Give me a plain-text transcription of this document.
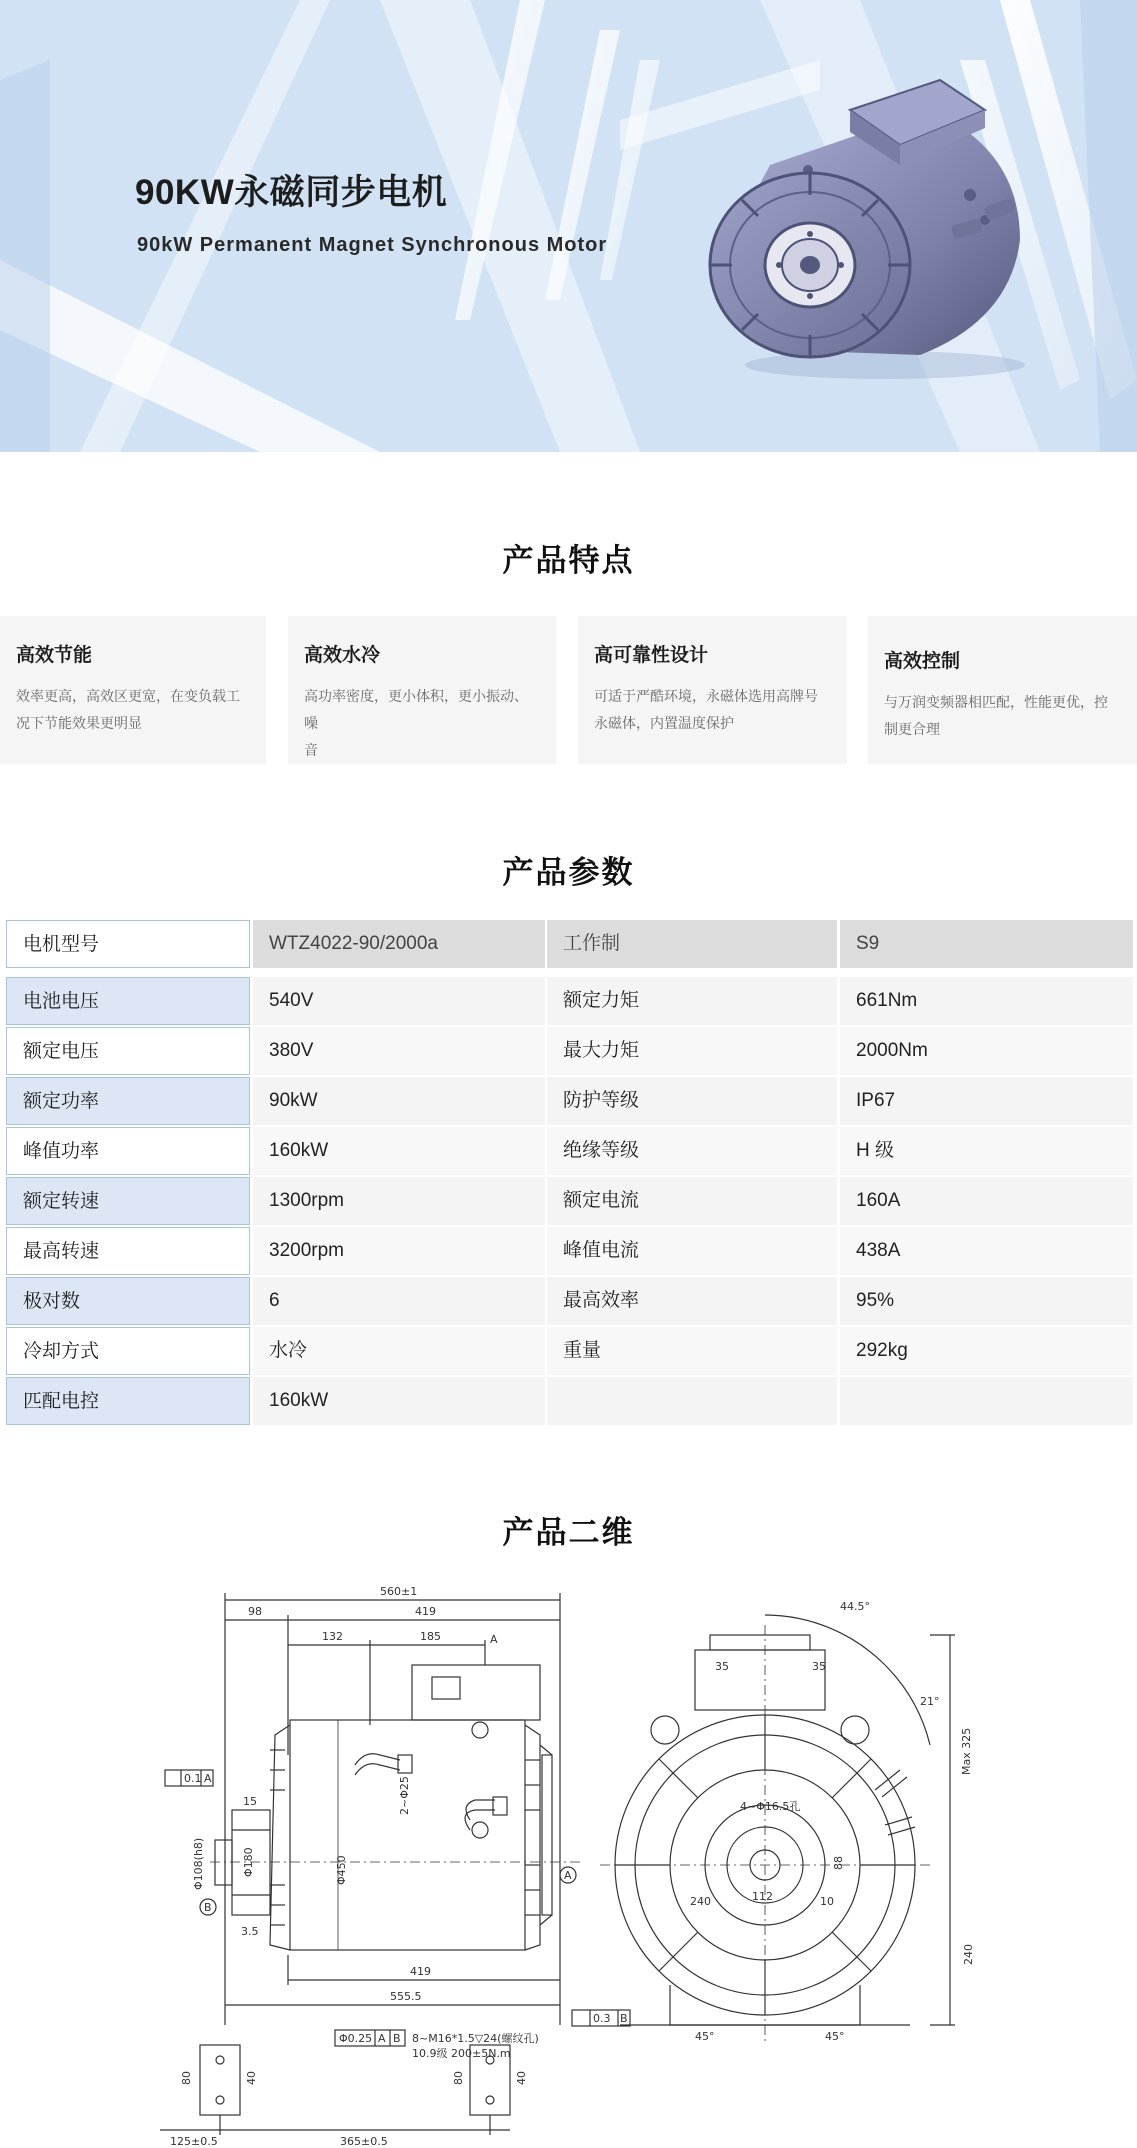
90KW永磁同步电机
90kW Permanent Magnet Synchronous Motor
产品特点
高效节能
效率更高，高效区更宽，在变负载工
况下节能效果更明显
高效水冷
高功率密度，更小体积，更小振动、噪
音
高可靠性设计
可适于严酷环境，永磁体选用高牌号
永磁体，内置温度保护
高效控制
与万润变频器相匹配，性能更优，控
制更合理
产品参数
电机型号	WTZ4022-90/2000a	工作制	S9
电池电压	540V	额定力矩	661Nm
额定电压	380V	最大力矩	2000Nm
额定功率	90kW	防护等级	IP67
峰值功率	160kW	绝缘等级	H 级
额定转速	1300rpm	额定电流	160A
最高转速	3200rpm	峰值电流	438A
极对数	6	最高效率	95%
冷却方式	水冷	重量	292kg
匹配电控	160kW
产品二维
560±1
98	419
132	185	A
2~Φ25
Φ450
15
3.5
Φ108(h8)	Φ180
419
555.5
0.1 A
B
A
0.3 B
Φ0.25 A B 8~M16*1.5▽24(螺纹孔)
10.9级 200±5N.m
80	40	80	40
125±0.5	365±0.5
44.5°
21°
Max 325
35	35
4~Φ16.5孔
88
112
240
240	10
45°	45°
